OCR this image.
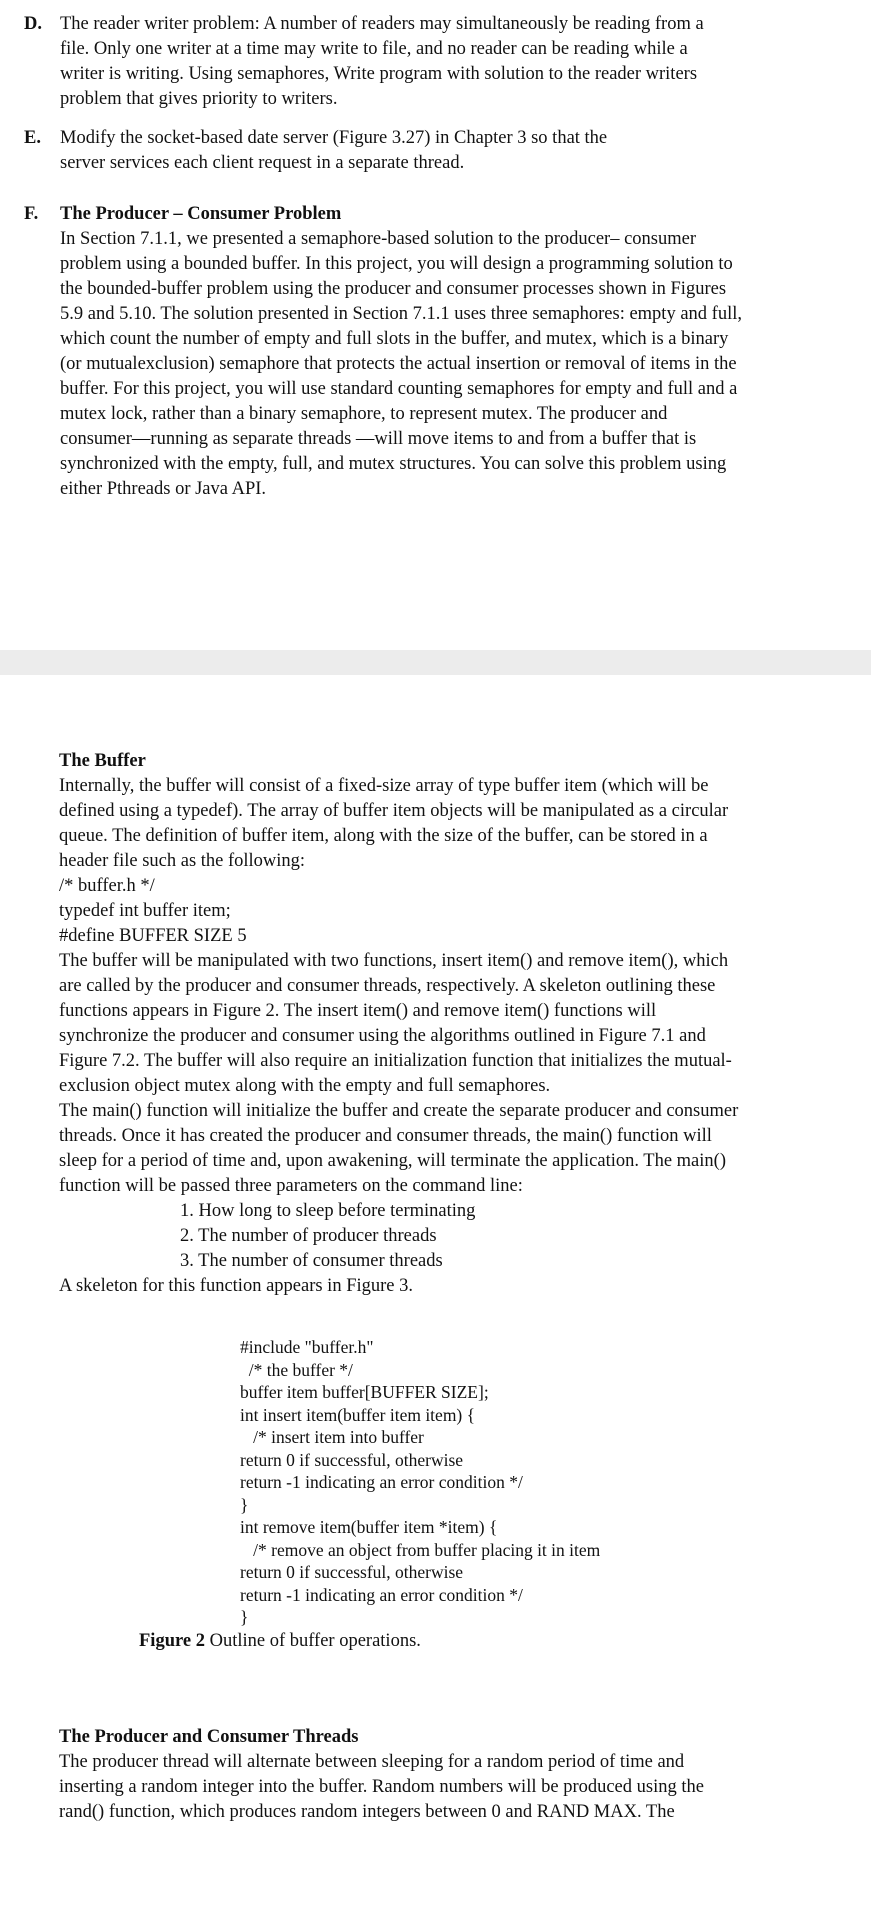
D. The reader writer problem: A number of readers may simultaneously be reading from a
file. Only one writer at a time may write to file, and no reader can be reading while a
writer is writing. Using semaphores, Write program with solution to the reader writers
problem that gives priority to writers.
E. Modify the socket-based date server (Figure 3.27) in Chapter 3 so that the
server services each client request in a separate thread.
F. The Producer – Consumer Problem
In Section 7.1.1, we presented a semaphore-based solution to the producer– consumer
problem using a bounded buffer. In this project, you will design a programming solution to
the bounded-buffer problem using the producer and consumer processes shown in Figures
5.9 and 5.10. The solution presented in Section 7.1.1 uses three semaphores: empty and full,
which count the number of empty and full slots in the buffer, and mutex, which is a binary
(or mutualexclusion) semaphore that protects the actual insertion or removal of items in the
buffer. For this project, you will use standard counting semaphores for empty and full and a
mutex lock, rather than a binary semaphore, to represent mutex. The producer and
consumer—running as separate threads —will move items to and from a buffer that is
synchronized with the empty, full, and mutex structures. You can solve this problem using
either Pthreads or Java API.

The Buffer

Internally, the buffer will consist of a fixed-size array of type buffer item (which will be

defined using a typedef). The array of buffer item objects will be manipulated as a circular

queue. The definition of buffer item, along with the size of the buffer, can be stored in a

header file such as the following:

/* buffer.h */

typedef int buffer item;

#define BUFFER SIZE 5

The buffer will be manipulated with two functions, insert item() and remove item(), which

are called by the producer and consumer threads, respectively. A skeleton outlining these

functions appears in Figure 2. The insert item() and remove item() functions will

synchronize the producer and consumer using the algorithms outlined in Figure 7.1 and

Figure 7.2. The buffer will also require an initialization function that initializes the mutual-

exclusion object mutex along with the empty and full semaphores.

The main() function will initialize the buffer and create the separate producer and consumer

threads. Once it has created the producer and consumer threads, the main() function will

sleep for a period of time and, upon awakening, will terminate the application. The main()

function will be passed three parameters on the command line:

1. How long to sleep before terminating

2. The number of producer threads

3. The number of consumer threads

A skeleton for this function appears in Figure 3.

#include "buffer.h"

/* the buffer */

buffer item buffer[BUFFER SIZE];

int insert item(buffer item item) {

/* insert item into buffer

return 0 if successful, otherwise

return -1 indicating an error condition */

}

int remove item(buffer item *item) {

/* remove an object from buffer placing it in item

return 0 if successful, otherwise

return -1 indicating an error condition */

}

Figure 2 Outline of buffer operations.

The Producer and Consumer Threads

The producer thread will alternate between sleeping for a random period of time and

inserting a random integer into the buffer. Random numbers will be produced using the

rand() function, which produces random integers between 0 and RAND MAX. The
